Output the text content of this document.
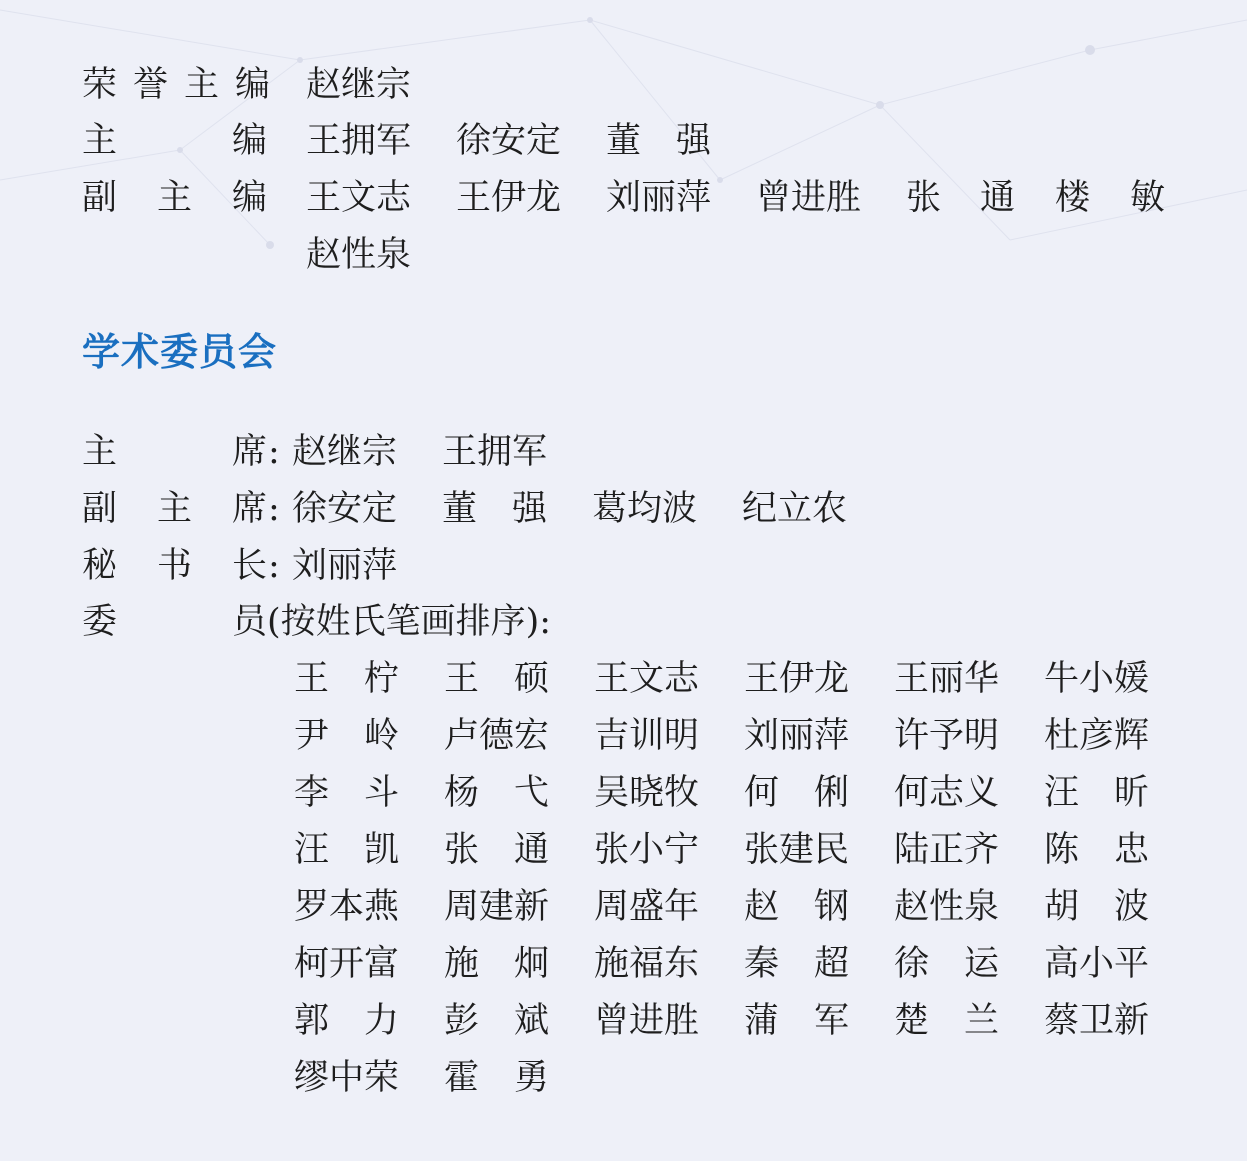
荣 誉 主 编 赵继宗
主	编 王拥军 徐安定 董　强
副 主 编 王文志 王伊龙 刘丽萍 曾进胜 张 通 楼 敏
赵性泉
学术委员会
主	席 : 赵继宗 王拥军
副 主 席 : 徐安定 董　强 葛均波 纪立农
秘 书 长 : 刘丽萍
委	员(按姓氏笔画排序):
王　柠	王　硕	王文志	王伊龙	王丽华	牛小媛
尹　岭	卢德宏	吉训明	刘丽萍	许予明	杜彦辉
李　斗	杨　弋	吴晓牧	何　俐	何志义	汪　昕
汪　凯	张　通	张小宁	张建民	陆正齐	陈　忠
罗本燕	周建新	周盛年	赵　钢	赵性泉	胡　波
柯开富	施　炯	施福东	秦　超	徐　运	高小平
郭　力	彭　斌	曾进胜	蒲　军	楚　兰	蔡卫新
缪中荣	霍　勇
